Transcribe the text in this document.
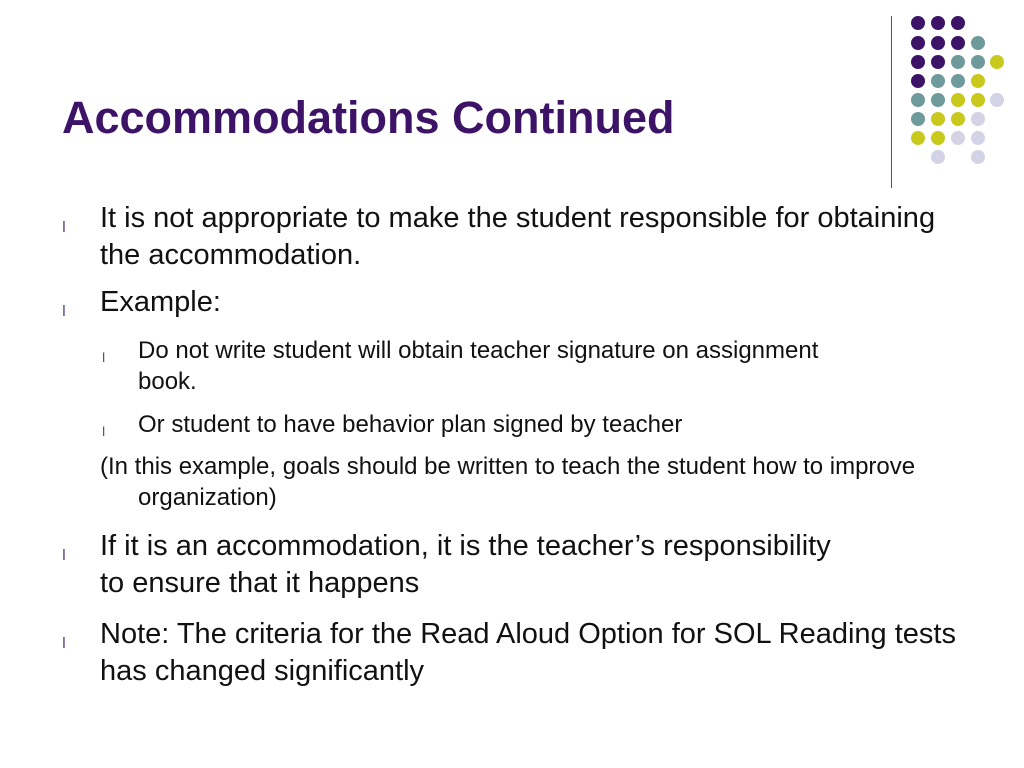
Accommodations Continued
l	It is not appropriate to make the student responsible for obtaining the accommodation.
l	Example:
l	Do not write student will obtain teacher signature on assignment book.
l	Or student to have behavior plan signed by teacher
(In this example, goals should be written to teach the student how to improve organization)
l	If it is an accommodation, it is the teacher’s responsibility to ensure that it happens
l	Note: The criteria for the Read Aloud Option for SOL Reading tests has changed significantly
